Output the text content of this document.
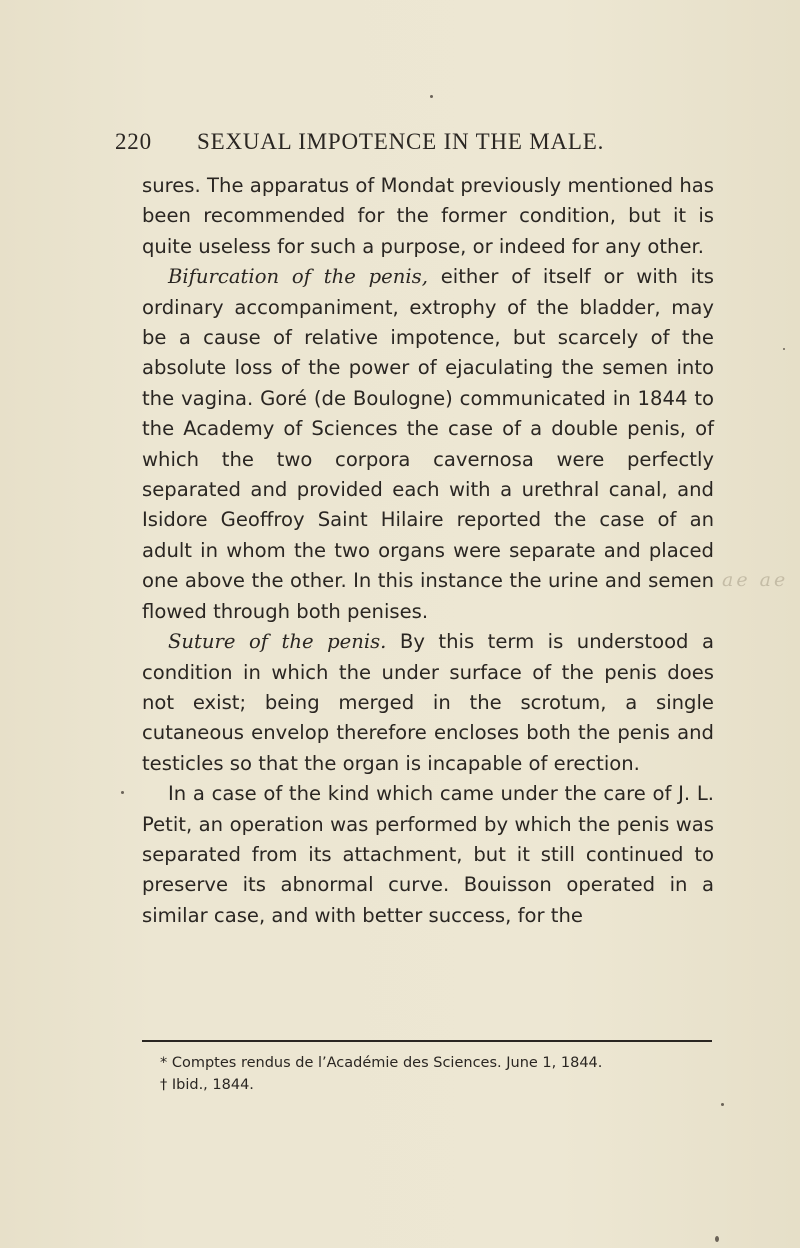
220 SEXUAL IMPOTENCE IN THE MALE.

sures. The apparatus of Mondat previously mentioned has been recommended for the former condition, but it is quite useless for such a purpose, or indeed for any other.

Bifurcation of the penis, either of itself or with its ordinary accompaniment, extrophy of the bladder, may be a cause of relative impotence, but scarcely of the absolute loss of the power of ejaculating the semen into the vagina. Goré (de Boulogne) communicated in 1844 to the Academy of Sciences the case of a double penis, of which the two corpora cavernosa were perfectly separated and provided each with a urethral canal, and Isidore Geoffroy Saint Hilaire reported the case of an adult in whom the two organs were separate and placed one above the other. In this instance the urine and semen flowed through both penises.

Suture of the penis. By this term is understood a condition in which the under surface of the penis does not exist; being merged in the scrotum, a single cutaneous envelop therefore encloses both the penis and testicles so that the organ is incapable of erection.

In a case of the kind which came under the care of J. L. Petit, an operation was performed by which the penis was separated from its attachment, but it still continued to preserve its abnormal curve. Bouisson operated in a similar case, and with better success, for the

ae ae
* Comptes rendus de l’Académie des Sciences. June 1, 1844.
† Ibid., 1844.
